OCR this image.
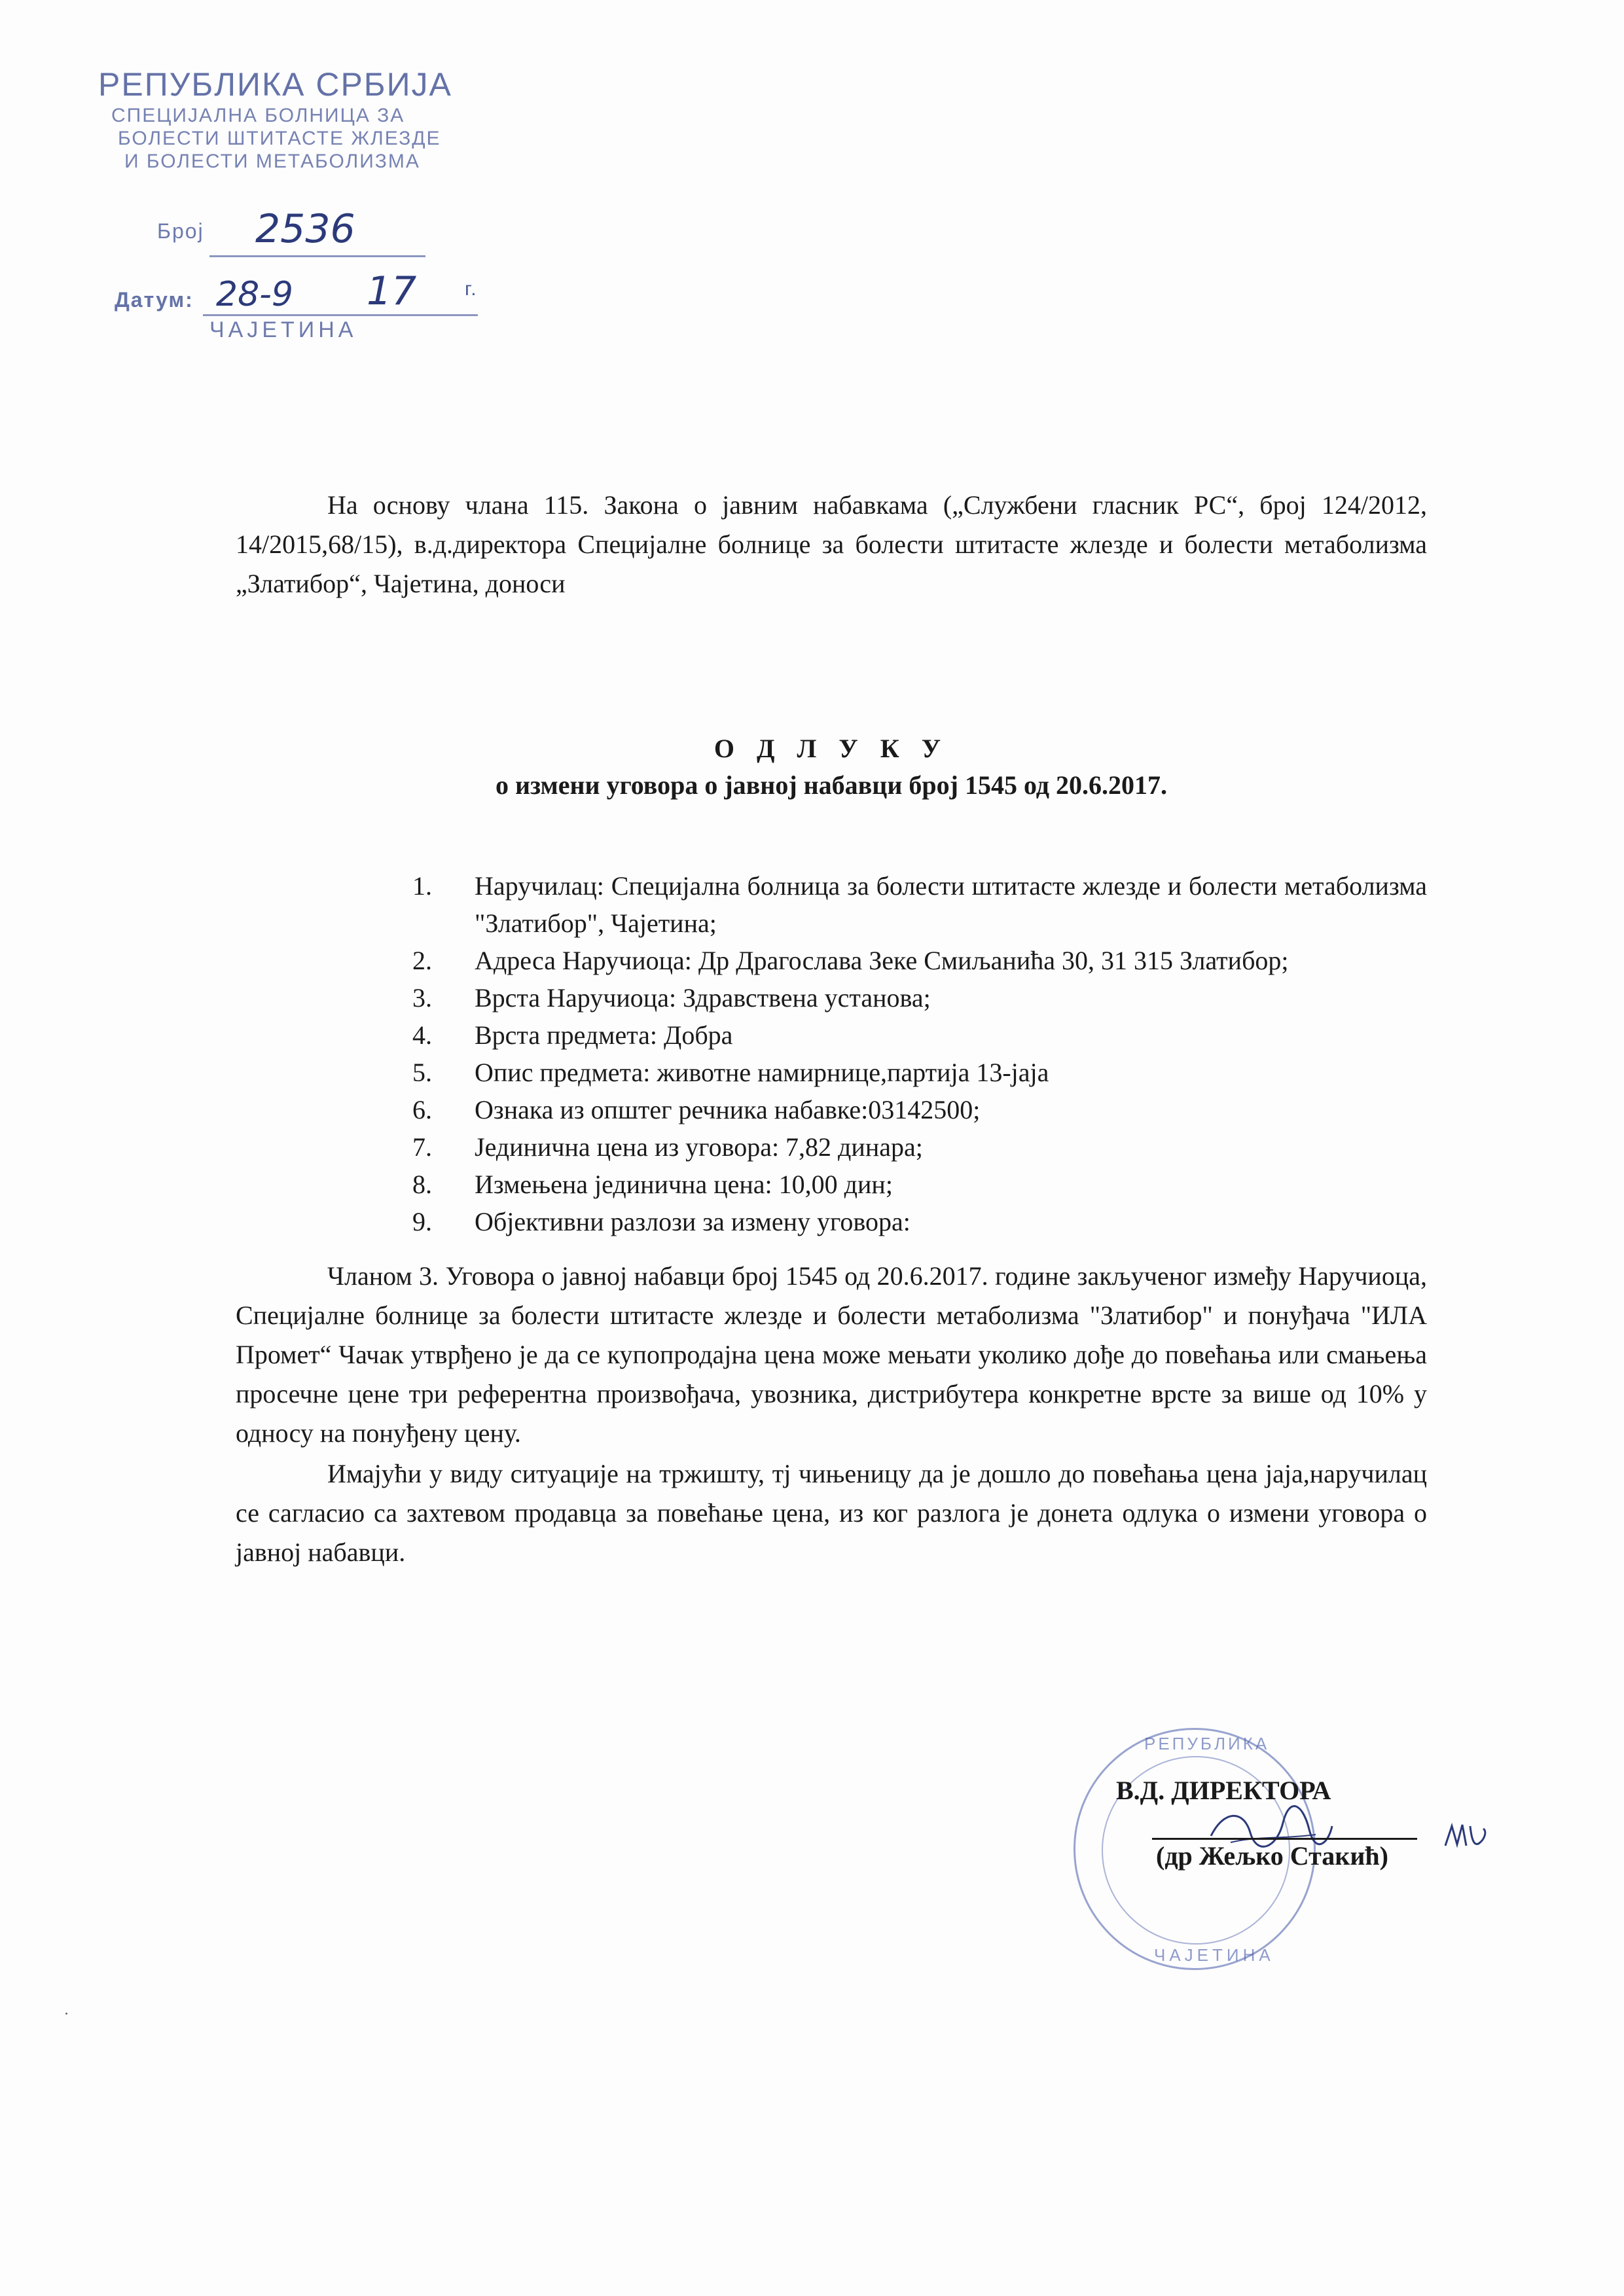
РЕПУБЛИКА СРБИЈА
СПЕЦИЈАЛНА БОЛНИЦА ЗА
БОЛЕСТИ ШТИТАСТЕ ЖЛЕЗДЕ
И БОЛЕСТИ МЕТАБОЛИЗМА
Број 2536
Датум: 28-9 17 г.
ЧАЈЕТИНА

На основу члана 115. Закона о јавним набавкама („Службени гласник РС“, број 124/2012, 14/2015,68/15), в.д.директора Специјалне болнице за болести штитасте жлезде и болести метаболизма „Златибор“, Чајетина, доноси

О Д Л У К У
о измени уговора о јавној набавци број 1545 од 20.6.2017.
1.	Наручилац: Специјална болница за болести штитасте жлезде и болести метаболизма "Златибор", Чајетина;
2.	Адреса Наручиоца: Др Драгослава Зеке Смиљанића 30, 31 315 Златибор;
3.	Врста Наручиоца: Здравствена установа;
4.	Врста предмета: Добра
5.	Опис предмета: животне намирнице,партија 13-јаја
6.	Ознака из општег речника набавке:03142500;
7.	Јединична цена из уговора: 7,82 динара;
8.	Измењена јединична цена: 10,00 дин;
9.	Објективни разлози за измену уговора:

Чланом 3. Уговора о јавној набавци број 1545 од 20.6.2017. године закљученог између Наручиоца, Специјалне болнице за болести штитасте жлезде и болести метаболизма "Златибор" и понуђача "ИЛА Промет“ Чачак утврђено је да се купопродајна цена може мењати уколико дође до повећања или смањења просечне цене три референтна произвођача, увозника, дистрибутера конкретне врсте за више од 10% у односу на понуђену цену.

Имајући у виду ситуације на тржишту, тј чињеницу да је дошло до повећања цена јаја,наручилац се сагласио са захтевом продавца за повећање цена, из ког разлога је донета одлука о измени уговора о јавној набавци.

РЕПУБЛИКА
ЧАЈЕТИНА
В.Д. ДИРЕКТОРА
(др Жељко Стакић)
